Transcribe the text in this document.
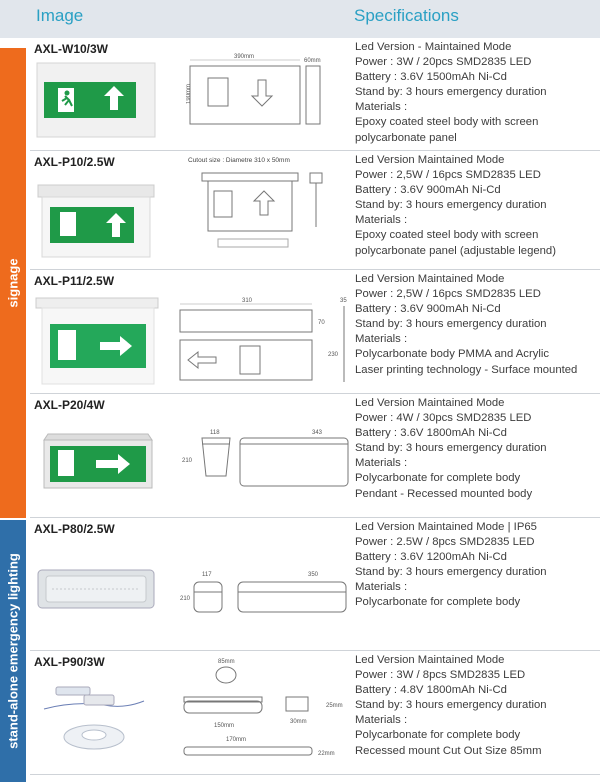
Image	Specifications
signage
stand-alone emergency lighting
AXL-W10/3W
390mm
190mm
60mm
Led Version - Maintained Mode
Power : 3W / 20pcs SMD2835 LED
Battery : 3.6V 1500mAh Ni-Cd
Stand by: 3 hours emergency duration
Materials :
Epoxy coated steel body with screen
polycarbonate panel
AXL-P10/2.5W	Cutout size : Diametre 310 x 50mm	Led Version Maintained Mode
Power : 2,5W / 16pcs SMD2835 LED
Battery : 3.6V 900mAh Ni-Cd
Stand by: 3 hours emergency duration
Materials :
Epoxy coated steel body with screen
polycarbonate panel (adjustable legend)
AXL-P11/2.5W
310
70
35
230
Led Version Maintained Mode
Power : 2,5W / 16pcs SMD2835 LED
Battery : 3.6V 900mAh Ni-Cd
Stand by: 3 hours emergency duration
Materials :
Polycarbonate body PMMA and Acrylic
Laser printing technology - Surface mounted
AXL-P20/4W
118
210
343
Led Version Maintained Mode
Power : 4W / 30pcs SMD2835 LED
Battery : 3.6V 1800mAh Ni-Cd
Stand by: 3 hours emergency duration
Materials :
Polycarbonate for complete body
Pendant - Recessed mounted body
AXL-P80/2.5W
117
210
350
Led Version Maintained Mode | IP65
Power : 2.5W / 8pcs SMD2835 LED
Battery : 3.6V 1200mAh Ni-Cd
Stand by: 3 hours emergency duration
Materials :
Polycarbonate for complete body
AXL-P90/3W	85mm
150mm
30mm
25mm
170mm
22mm
Led Version Maintained Mode
Power : 3W / 8pcs SMD2835 LED
Battery : 4.8V 1800mAh Ni-Cd
Stand by: 3 hours emergency duration
Materials :
Polycarbonate for complete body
Recessed mount Cut Out Size 85mm
